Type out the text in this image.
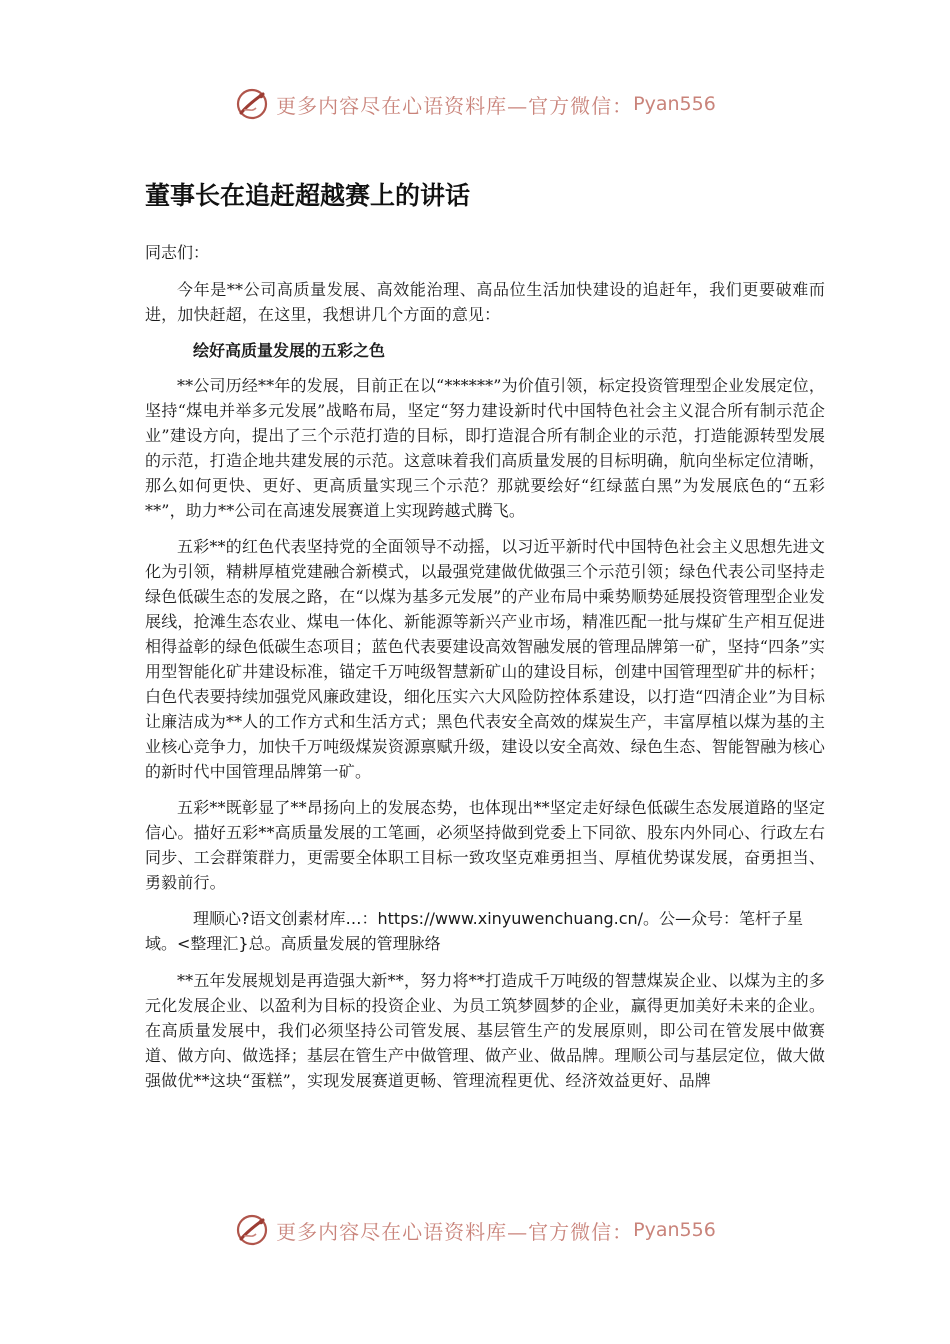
更多内容尽在心语资料库—官方微信： Pyan556
董事长在追赶超越赛上的讲话

同志们：

今年是**公司高质量发展、高效能治理、高品位生活加快建设的追赶年，我们更要破难而进，加快赶超，在这里，我想讲几个方面的意见：

绘好高质量发展的五彩之色

**公司历经**年的发展，目前正在以“******”为价值引领，标定投资管理型企业发展定位，坚持“煤电并举多元发展”战略布局，坚定“努力建设新时代中国特色社会主义混合所有制示范企业”建设方向，提出了三个示范打造的目标，即打造混合所有制企业的示范，打造能源转型发展的示范，打造企地共建发展的示范。这意味着我们高质量发展的目标明确，航向坐标定位清晰，那么如何更快、更好、更高质量实现三个示范？那就要绘好“红绿蓝白黑”为发展底色的“五彩**”，助力**公司在高速发展赛道上实现跨越式腾飞。

五彩**的红色代表坚持党的全面领导不动摇，以习近平新时代中国特色社会主义思想先进文化为引领，精耕厚植党建融合新模式，以最强党建做优做强三个示范引领；绿色代表公司坚持走绿色低碳生态的发展之路，在“以煤为基多元发展”的产业布局中乘势顺势延展投资管理型企业发展线，抢滩生态农业、煤电一体化、新能源等新兴产业市场，精准匹配一批与煤矿生产相互促进相得益彰的绿色低碳生态项目；蓝色代表要建设高效智融发展的管理品牌第一矿，坚持“四条”实用型智能化矿井建设标准，锚定千万吨级智慧新矿山的建设目标，创建中国管理型矿井的标杆；白色代表要持续加强党风廉政建设，细化压实六大风险防控体系建设，以打造“四清企业”为目标让廉洁成为**人的工作方式和生活方式；黑色代表安全高效的煤炭生产，丰富厚植以煤为基的主业核心竞争力，加快千万吨级煤炭资源禀赋升级，建设以安全高效、绿色生态、智能智融为核心的新时代中国管理品牌第一矿。

五彩**既彰显了**昂扬向上的发展态势，也体现出**坚定走好绿色低碳生态发展道路的坚定信心。描好五彩**高质量发展的工笔画，必须坚持做到党委上下同欲、股东内外同心、行政左右同步、工会群策群力，更需要全体职工目标一致攻坚克难勇担当、厚植优势谋发展，奋勇担当、勇毅前行。

理顺心?语文创素材库…：https://www.xinyuwenchuang.cn/。公—众号：笔杆子星域。<整理汇}总。高质量发展的管理脉络

**五年发展规划是再造强大新**，努力将**打造成千万吨级的智慧煤炭企业、以煤为主的多元化发展企业、以盈利为目标的投资企业、为员工筑梦圆梦的企业，赢得更加美好未来的企业。在高质量发展中，我们必须坚持公司管发展、基层管生产的发展原则，即公司在管发展中做赛道、做方向、做选择；基层在管生产中做管理、做产业、做品牌。理顺公司与基层定位，做大做强做优**这块“蛋糕”，实现发展赛道更畅、管理流程更优、经济效益更好、品牌

更多内容尽在心语资料库—官方微信： Pyan556
